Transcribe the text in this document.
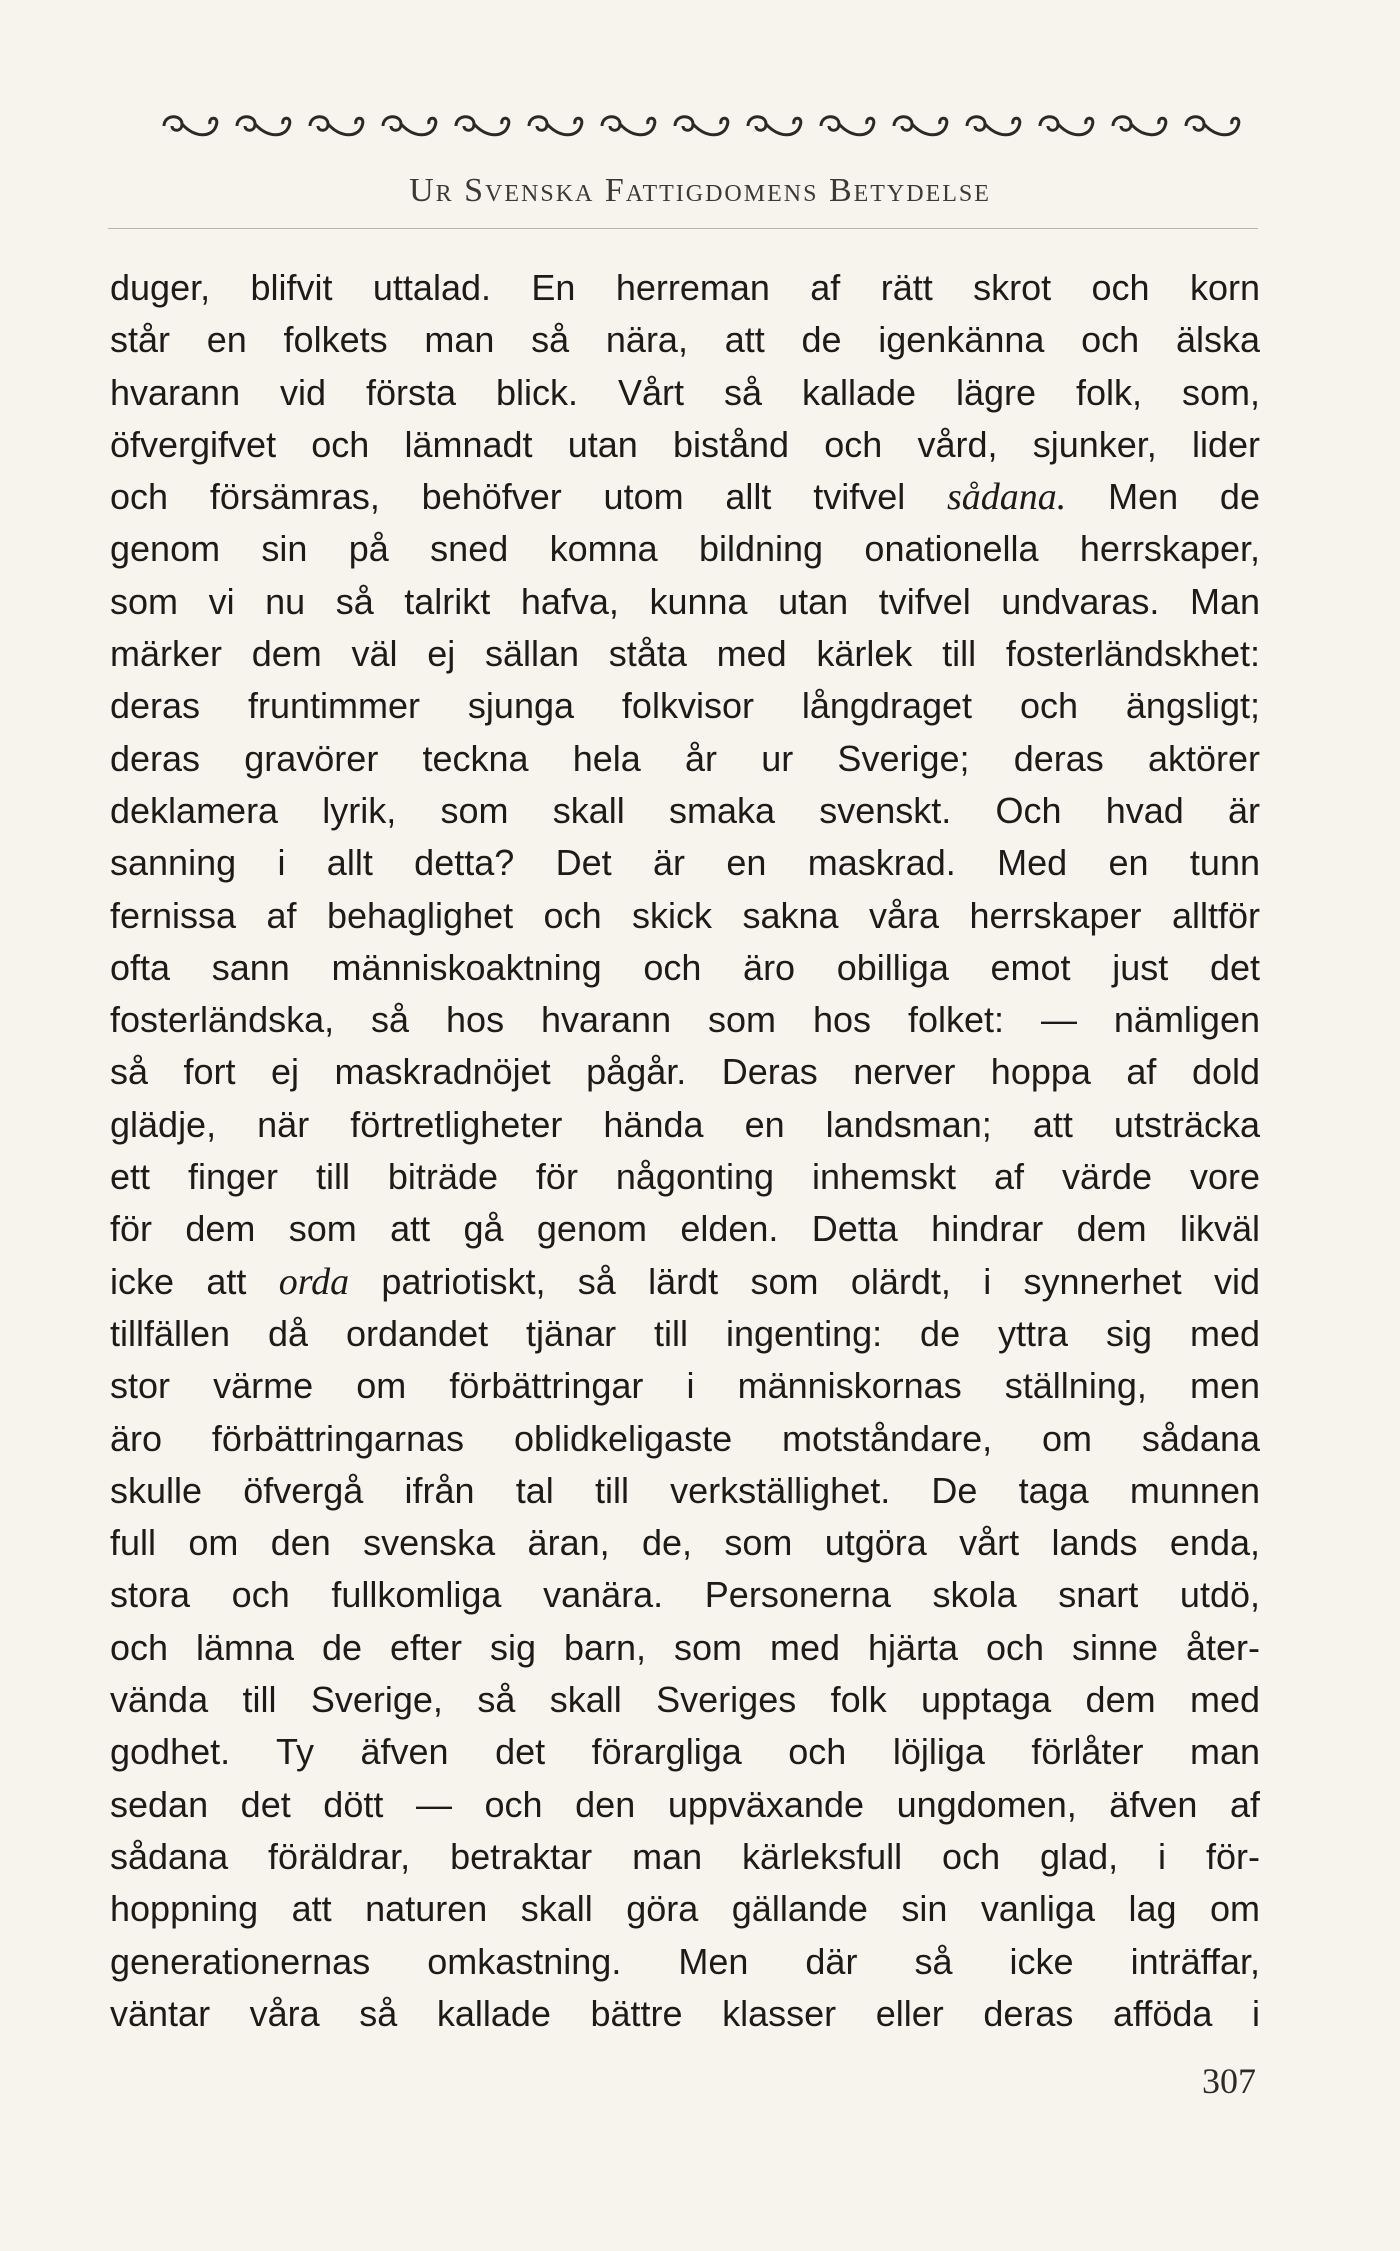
Ur Svenska Fattigdomens Betydelse
duger, blifvit uttalad. En herreman af rätt skrot och korn
står en folkets man så nära, att de igenkänna och älska
hvarann vid första blick. Vårt så kallade lägre folk, som,
öfvergifvet och lämnadt utan bistånd och vård, sjunker, lider
och försämras, behöfver utom allt tvifvel sådana. Men de
genom sin på sned komna bildning onationella herrskaper,
som vi nu så talrikt hafva, kunna utan tvifvel undvaras. Man
märker dem väl ej sällan ståta med kärlek till fosterländskhet:
deras fruntimmer sjunga folkvisor långdraget och ängsligt;
deras gravörer teckna hela år ur Sverige; deras aktörer
deklamera lyrik, som skall smaka svenskt. Och hvad är
sanning i allt detta? Det är en maskrad. Med en tunn
fernissa af behaglighet och skick sakna våra herrskaper alltför
ofta sann människoaktning och äro obilliga emot just det
fosterländska, så hos hvarann som hos folket: — nämligen
så fort ej maskradnöjet pågår. Deras nerver hoppa af dold
glädje, när förtretligheter hända en landsman; att utsträcka
ett finger till biträde för någonting inhemskt af värde vore
för dem som att gå genom elden. Detta hindrar dem likväl
icke att orda patriotiskt, så lärdt som olärdt, i synnerhet vid
tillfällen då ordandet tjänar till ingenting: de yttra sig med
stor värme om förbättringar i människornas ställning, men
äro förbättringarnas oblidkeligaste motståndare, om sådana
skulle öfvergå ifrån tal till verkställighet. De taga munnen
full om den svenska äran, de, som utgöra vårt lands enda,
stora och fullkomliga vanära. Personerna skola snart utdö,
och lämna de efter sig barn, som med hjärta och sinne åter-
vända till Sverige, så skall Sveriges folk upptaga dem med
godhet. Ty äfven det förargliga och löjliga förlåter man
sedan det dött — och den uppväxande ungdomen, äfven af
sådana föräldrar, betraktar man kärleksfull och glad, i för-
hoppning att naturen skall göra gällande sin vanliga lag om
generationernas omkastning. Men där så icke inträffar,
väntar våra så kallade bättre klasser eller deras afföda i
307
